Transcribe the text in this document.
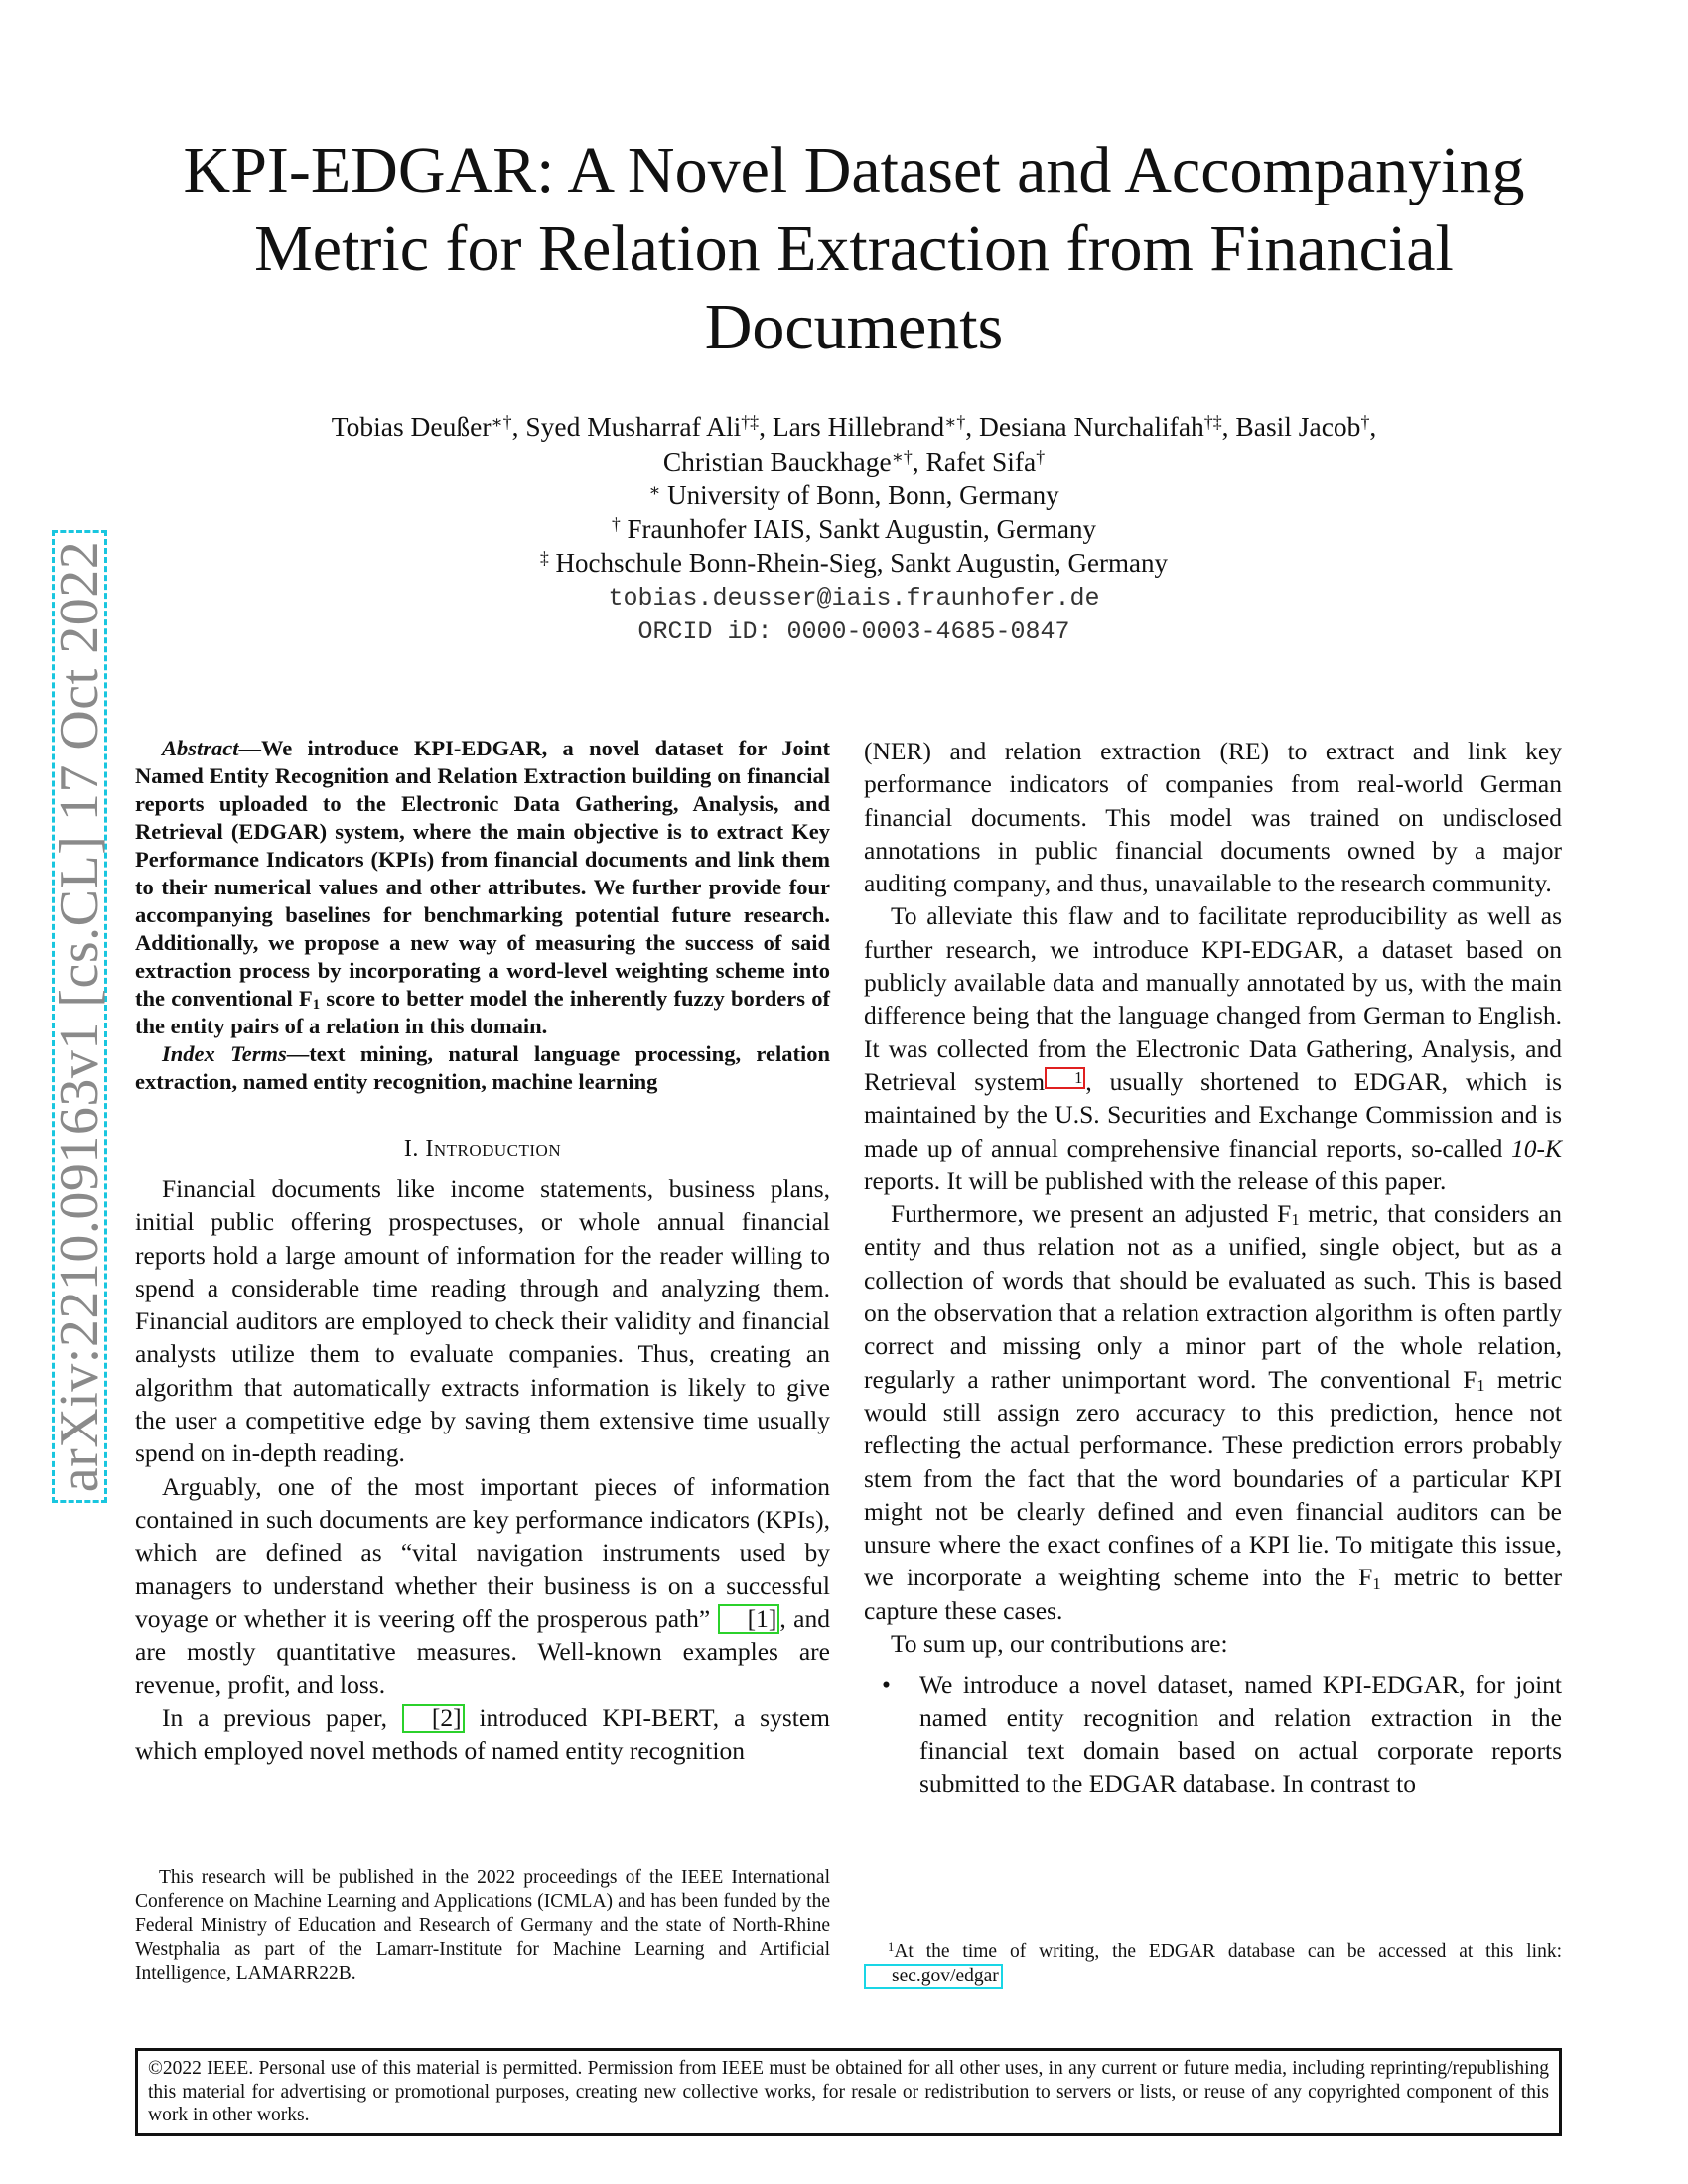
arXiv:2210.09163v1 [cs.CL] 17 Oct 2022
KPI-EDGAR: A Novel Dataset and Accompanying Metric for Relation Extraction from Financial Documents
Tobias Deußer∗†, Syed Musharraf Ali†‡, Lars Hillebrand∗†, Desiana Nurchalifah†‡, Basil Jacob†,
Christian Bauckhage∗†, Rafet Sifa†
∗ University of Bonn, Bonn, Germany
† Fraunhofer IAIS, Sankt Augustin, Germany
‡ Hochschule Bonn-Rhein-Sieg, Sankt Augustin, Germany
tobias.deusser@iais.fraunhofer.de
ORCID iD: 0000-0003-4685-0847

Abstract—We introduce KPI-EDGAR, a novel dataset for Joint Named Entity Recognition and Relation Extraction building on financial reports uploaded to the Electronic Data Gathering, Analysis, and Retrieval (EDGAR) system, where the main objective is to extract Key Performance Indicators (KPIs) from financial documents and link them to their numerical values and other attributes. We further provide four accompanying baselines for benchmarking potential future research. Additionally, we propose a new way of measuring the success of said extraction process by incorporating a word-level weighting scheme into the conventional $F_1$ score to better model the inherently fuzzy borders of the entity pairs of a relation in this domain.

Index Terms—text mining, natural language processing, relation extraction, named entity recognition, machine learning

I. Introduction

Financial documents like income statements, business plans, initial public offering prospectuses, or whole annual financial reports hold a large amount of information for the reader willing to spend a considerable time reading through and analyzing them. Financial auditors are employed to check their validity and financial analysts utilize them to evaluate companies. Thus, creating an algorithm that automatically extracts information is likely to give the user a competitive edge by saving them extensive time usually spend on in-depth reading.

Arguably, one of the most important pieces of information contained in such documents are key performance indicators (KPIs), which are defined as “vital navigation instruments used by managers to understand whether their business is on a successful voyage or whether it is veering off the prosperous path” [1] , and are mostly quantitative measures. Well-known examples are revenue, profit, and loss.

In a previous paper, [2] introduced KPI-BERT, a system which employed novel methods of named entity recognition

This research will be published in the 2022 proceedings of the IEEE International Conference on Machine Learning and Applications (ICMLA) and has been funded by the Federal Ministry of Education and Research of Germany and the state of North-Rhine Westphalia as part of the Lamarr-Institute for Machine Learning and Artificial Intelligence, LAMARR22B.

(NER) and relation extraction (RE) to extract and link key performance indicators of companies from real-world German financial documents. This model was trained on undisclosed annotations in public financial documents owned by a major auditing company, and thus, unavailable to the research community.

To alleviate this flaw and to facilitate reproducibility as well as further research, we introduce KPI-EDGAR, a dataset based on publicly available data and manually annotated by us, with the main difference being that the language changed from German to English. It was collected from the Electronic Data Gathering, Analysis, and Retrieval system 1 , usually shortened to EDGAR, which is maintained by the U.S. Securities and Exchange Commission and is made up of annual comprehensive financial reports, so-called 10-K reports. It will be published with the release of this paper.

Furthermore, we present an adjusted $F_1$ metric, that considers an entity and thus relation not as a unified, single object, but as a collection of words that should be evaluated as such. This is based on the observation that a relation extraction algorithm is often partly correct and missing only a minor part of the whole relation, regularly a rather unimportant word. The conventional $F_1$ metric would still assign zero accuracy to this prediction, hence not reflecting the actual performance. These prediction errors probably stem from the fact that the word boundaries of a particular KPI might not be clearly defined and even financial auditors can be unsure where the exact confines of a KPI lie. To mitigate this issue, we incorporate a weighting scheme into the $F_1$ metric to better capture these cases.

To sum up, our contributions are:

• We introduce a novel dataset, named KPI-EDGAR, for joint named entity recognition and relation extraction in the financial text domain based on actual corporate reports submitted to the EDGAR database. In contrast to

$^1$At the time of writing, the EDGAR database can be accessed at this link: sec.gov/edgar

©2022 IEEE. Personal use of this material is permitted. Permission from IEEE must be obtained for all other uses, in any current or future media, including reprinting/republishing this material for advertising or promotional purposes, creating new collective works, for resale or redistribution to servers or lists, or reuse of any copyrighted component of this work in other works.
